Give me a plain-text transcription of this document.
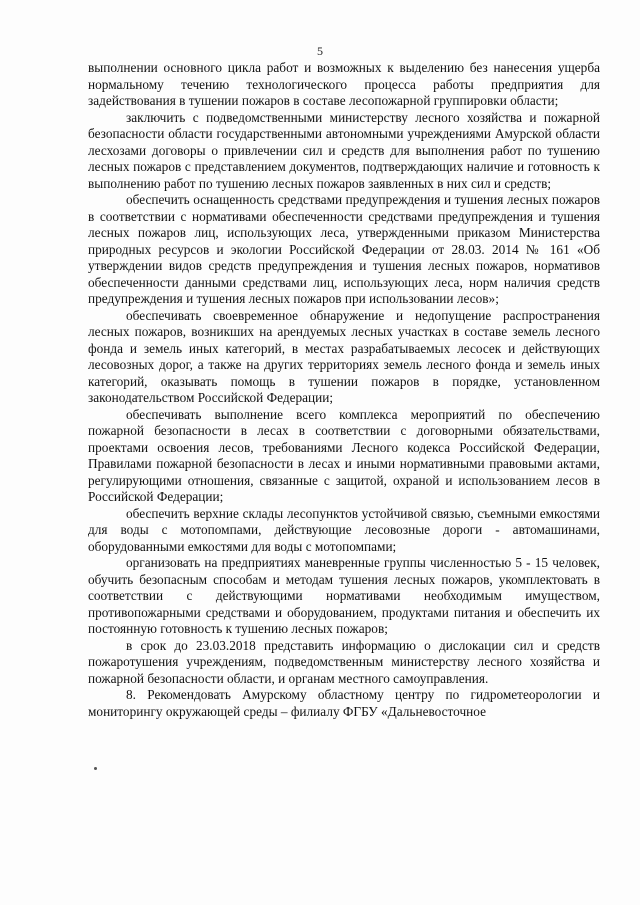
5

выполнении основного цикла работ и возможных к выделению без нанесения ущерба нормальному течению технологического процесса работы предприятия для задействования в тушении пожаров в составе лесопожарной группировки области;

заключить с подведомственными министерству лесного хозяйства и пожарной безопасности области государственными автономными учреждениями Амурской области лесхозами договоры о привлечении сил и средств для выполнения работ по тушению лесных пожаров с представлением документов, подтверждающих наличие и готовность к выполнению работ по тушению лесных пожаров заявленных в них сил и средств;

обеспечить оснащенность средствами предупреждения и тушения лесных пожаров в соответствии с нормативами обеспеченности средствами предупреждения и тушения лесных пожаров лиц, использующих леса, утвержденными приказом Министерства природных ресурсов и экологии Российской Федерации от 28.03. 2014 № 161 «Об утверждении видов средств предупреждения и тушения лесных пожаров, нормативов обеспеченности данными средствами лиц, использующих леса, норм наличия средств предупреждения и тушения лесных пожаров при использовании лесов»;

обеспечивать своевременное обнаружение и недопущение распространения лесных пожаров, возникших на арендуемых лесных участках в составе земель лесного фонда и земель иных категорий, в местах разрабатываемых лесосек и действующих лесовозных дорог, а также на других территориях земель лесного фонда и земель иных категорий, оказывать помощь в тушении пожаров в порядке, установленном законодательством Российской Федерации;

обеспечивать выполнение всего комплекса мероприятий по обеспечению пожарной безопасности в лесах в соответствии с договорными обязательствами, проектами освоения лесов, требованиями Лесного кодекса Российской Федерации, Правилами пожарной безопасности в лесах и иными нормативными правовыми актами, регулирующими отношения, связанные с защитой, охраной и использованием лесов в Российской Федерации;

обеспечить верхние склады лесопунктов устойчивой связью, съемными емкостями для воды с мотопомпами, действующие лесовозные дороги - автомашинами, оборудованными емкостями для воды с мотопомпами;

организовать на предприятиях маневренные группы численностью 5 - 15 человек, обучить безопасным способам и методам тушения лесных пожаров, укомплектовать в соответствии с действующими нормативами необходимым имуществом, противопожарными средствами и оборудованием, продуктами питания и обеспечить их постоянную готовность к тушению лесных пожаров;

в срок до 23.03.2018 представить информацию о дислокации сил и средств пожаротушения учреждениям, подведомственным министерству лесного хозяйства и пожарной безопасности области, и органам местного самоуправления.

8. Рекомендовать Амурскому областному центру по гидрометеорологии и мониторингу окружающей среды – филиалу ФГБУ «Дальневосточное
